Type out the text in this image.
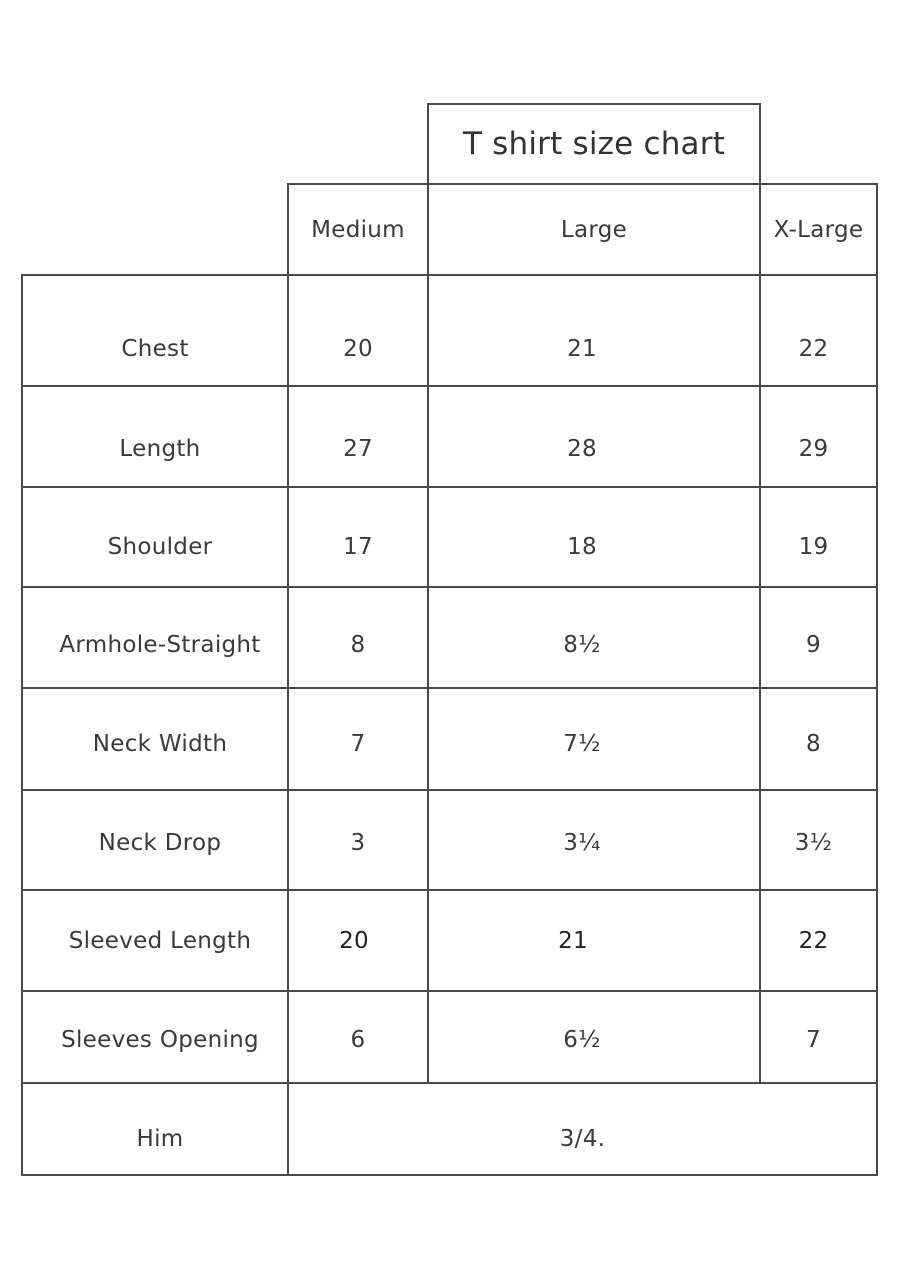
T shirt size chart
Medium	Large	X-Large
Chest	20	21	22
Length	27	28	29
Shoulder	17	18	19
Armhole-Straight	8	8½	9
Neck Width	7	7½	8
Neck Drop	3	3¼	3½
Sleeved Length	20	21	22
Sleeves Opening	6	6½	7
Him	3/4.
